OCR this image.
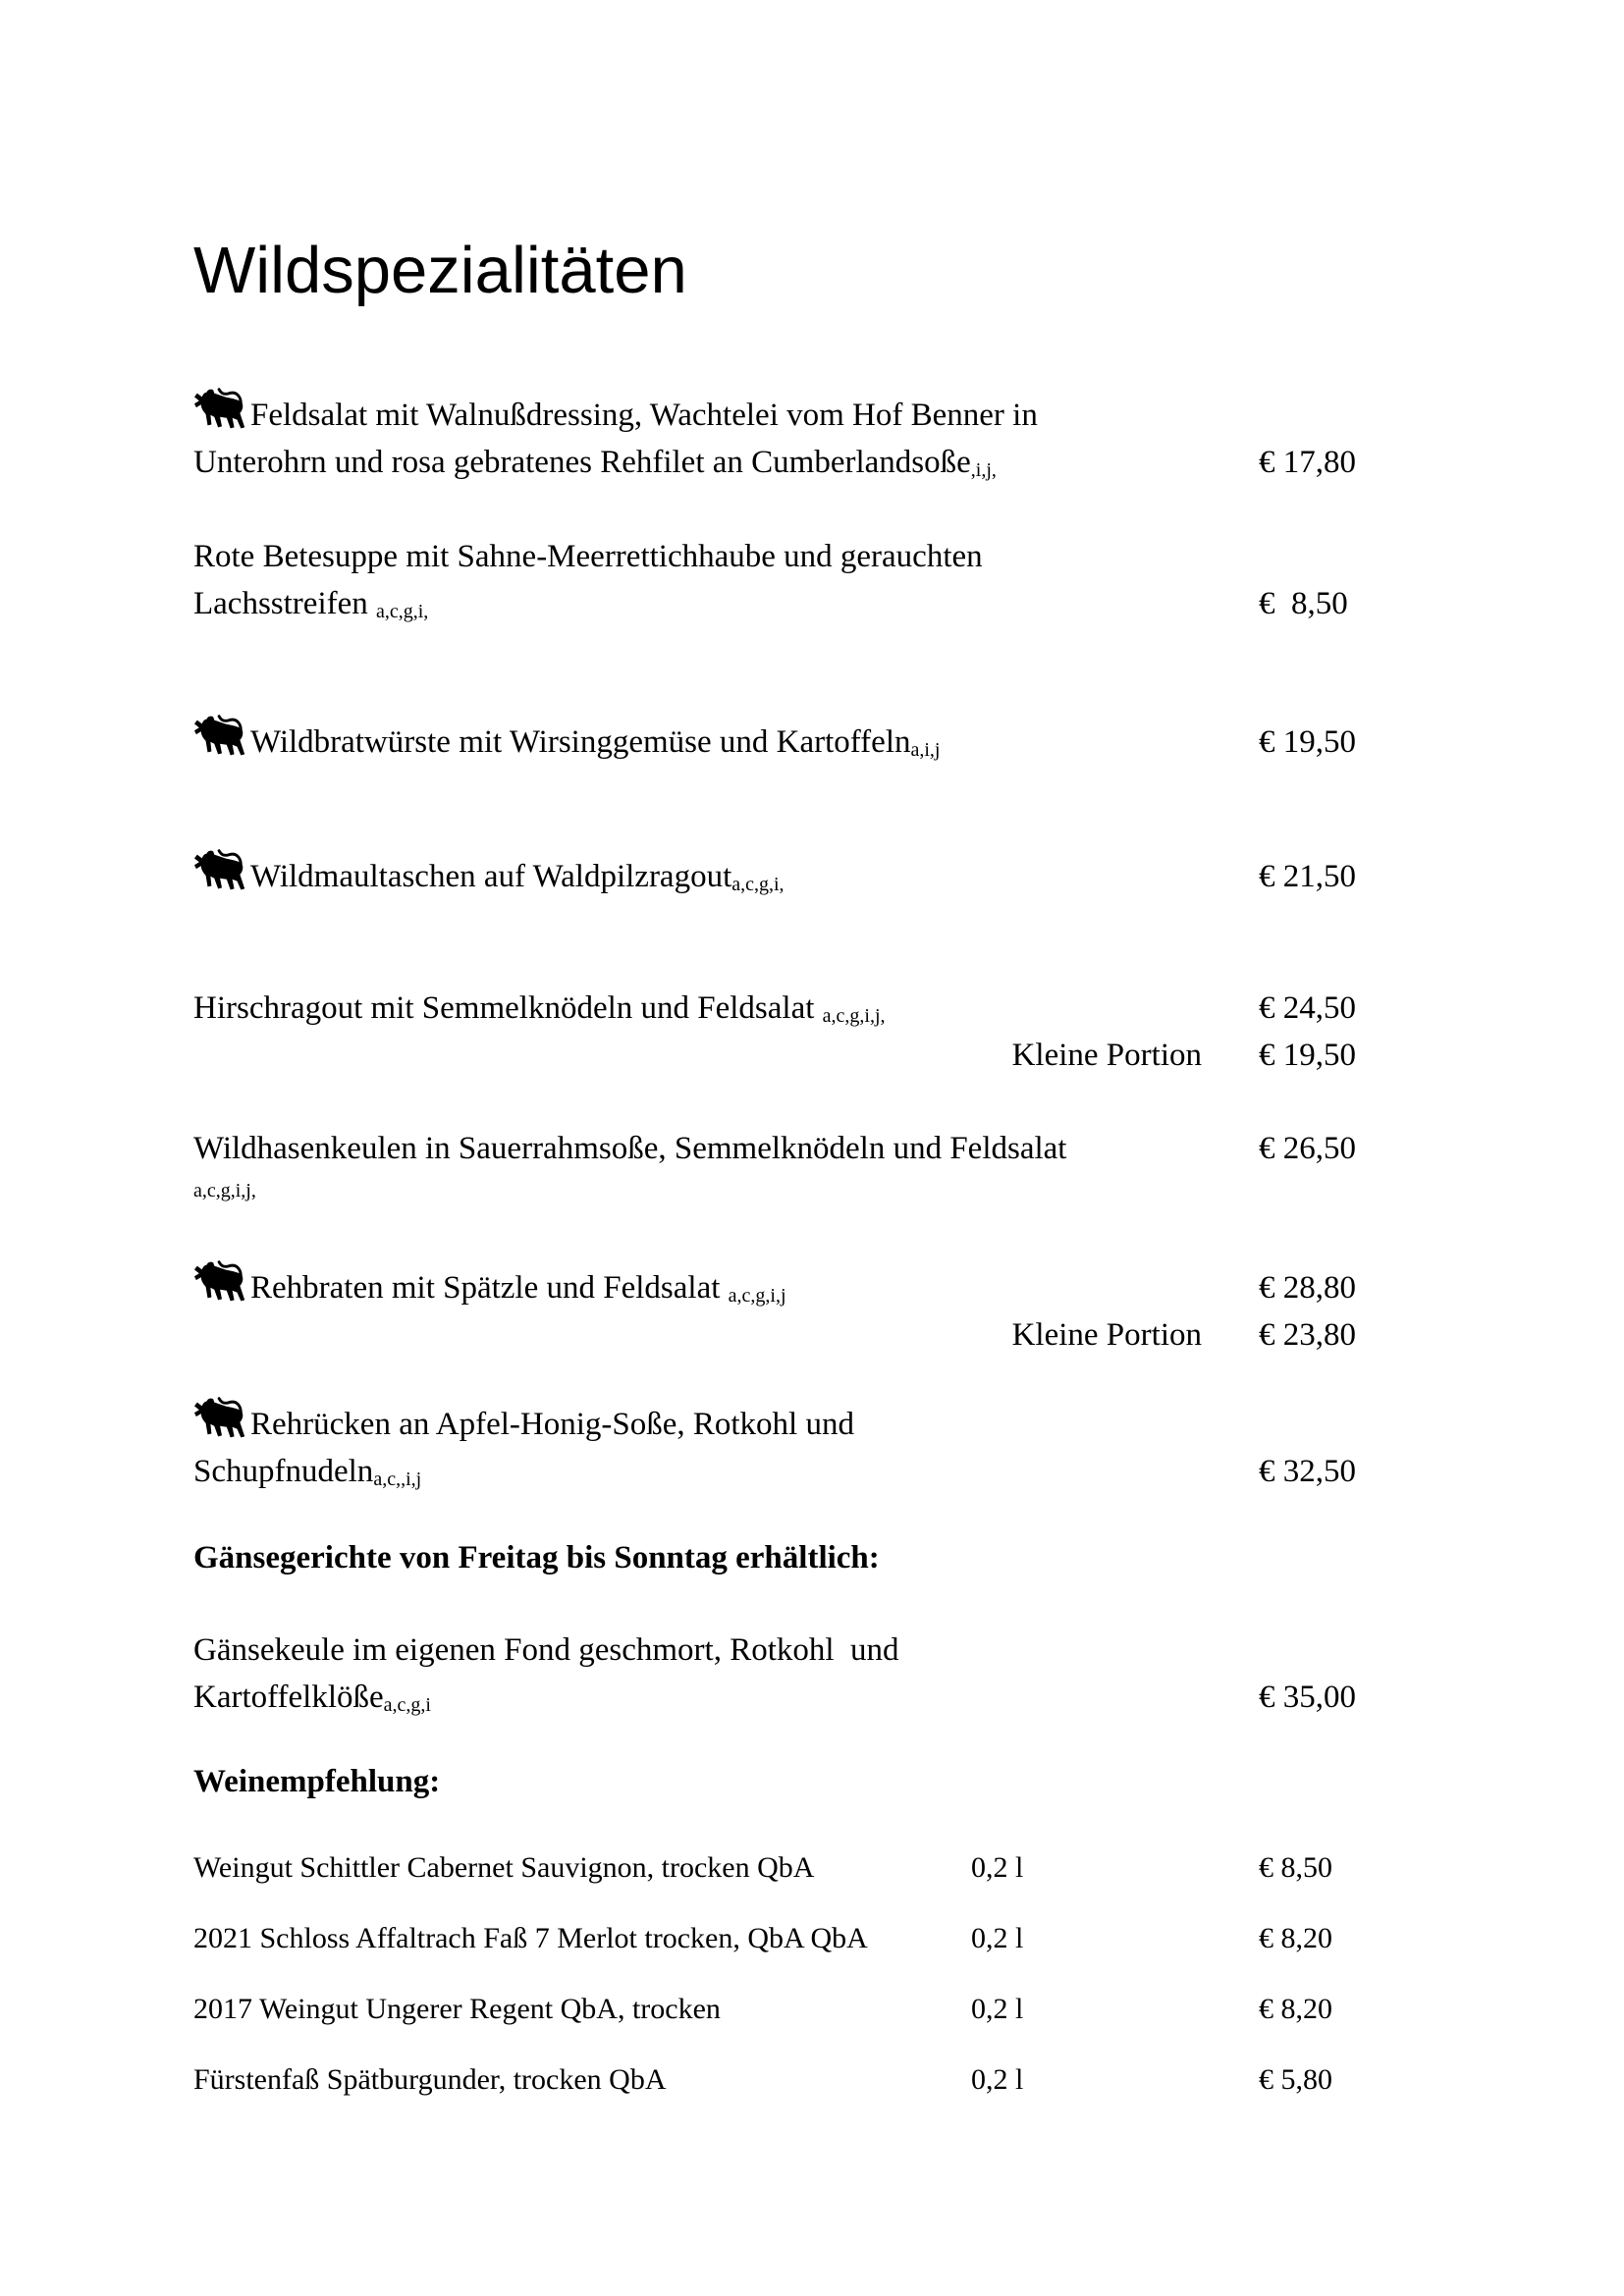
Wildspezialitäten
Feldsalat mit Walnußdressing, Wachtelei vom Hof Benner in
Unterohrn und rosa gebratenes Rehfilet an Cumberlandsoße,i,j,	€ 17,80
Rote Betesuppe mit Sahne-Meerrettichhaube und gerauchten
Lachsstreifen a,c,g,i,	€  8,50
Wildbratwürste mit Wirsinggemüse und Kartoffelna,i,j	€ 19,50
Wildmaultaschen auf Waldpilzragouta,c,g,i,	€ 21,50
Hirschragout mit Semmelknödeln und Feldsalat a,c,g,i,j,	€ 24,50
Kleine Portion	€ 19,50
Wildhasenkeulen in Sauerrahmsoße, Semmelknödeln und Feldsalat	€ 26,50
a,c,g,i,j,
Rehbraten mit Spätzle und Feldsalat a,c,g,i,j	€ 28,80
Kleine Portion	€ 23,80
Rehrücken an Apfel-Honig-Soße, Rotkohl und
Schupfnudelna,c,,i,j	€ 32,50
Gänsegerichte von Freitag bis Sonntag erhältlich:
Gänsekeule im eigenen Fond geschmort, Rotkohl  und
Kartoffelklößea,c,g,i	€ 35,00
Weinempfehlung:
Weingut Schittler Cabernet Sauvignon, trocken QbA	0,2 l	€ 8,50
2021 Schloss Affaltrach Faß 7 Merlot trocken, QbA QbA	0,2 l	€ 8,20
2017 Weingut Ungerer Regent QbA, trocken	0,2 l	€ 8,20
Fürstenfaß Spätburgunder, trocken QbA	0,2 l	€ 5,80
